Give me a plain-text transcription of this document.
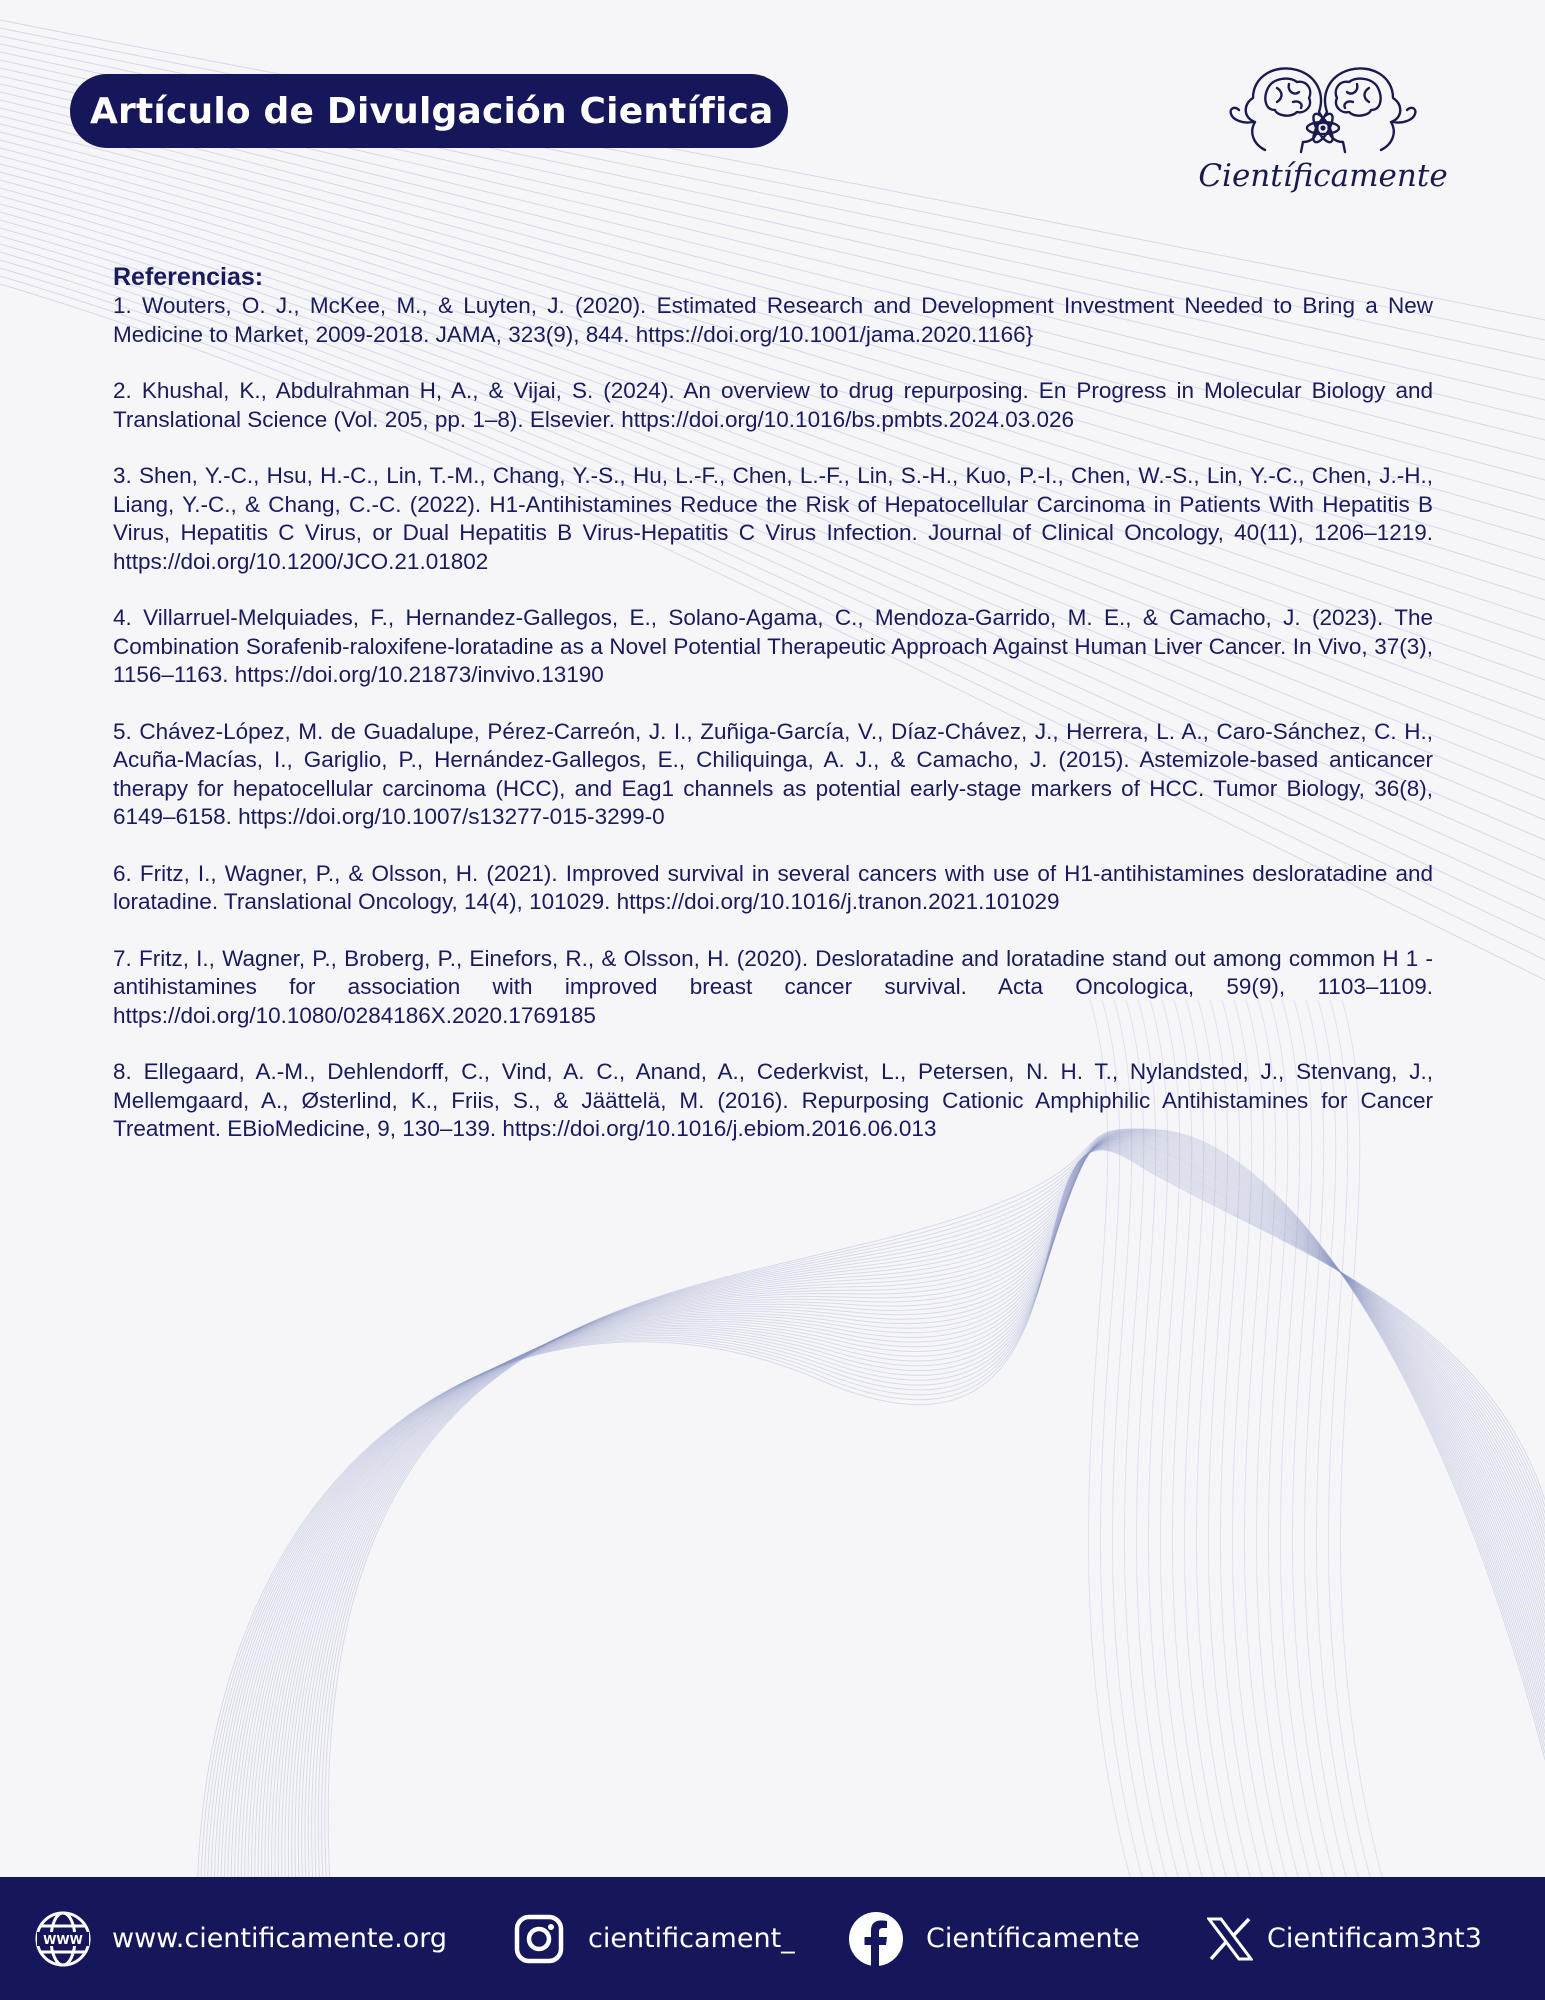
Artículo de Divulgación Científica
Científicamente
Referencias:

1. Wouters, O. J., McKee, M., & Luyten, J. (2020). Estimated Research and Development Investment Needed to Bring a New Medicine to Market, 2009-2018. JAMA, 323(9), 844. https://doi.org/10.1001/jama.2020.1166}

2. Khushal, K., Abdulrahman H, A., & Vijai, S. (2024). An overview to drug repurposing. En Progress in Molecular Biology and Translational Science (Vol. 205, pp. 1–8). Elsevier. https://doi.org/10.1016/bs.pmbts.2024.03.026

3. Shen, Y.-C., Hsu, H.-C., Lin, T.-M., Chang, Y.-S., Hu, L.-F., Chen, L.-F., Lin, S.-H., Kuo, P.-I., Chen, W.-S., Lin, Y.-C., Chen, J.-H., Liang, Y.-C., & Chang, C.-C. (2022). H1-Antihistamines Reduce the Risk of Hepatocellular Carcinoma in Patients With Hepatitis B Virus, Hepatitis C Virus, or Dual Hepatitis B Virus-Hepatitis C Virus Infection. Journal of Clinical Oncology, 40(11), 1206–1219. https://doi.org/10.1200/JCO.21.01802

4. Villarruel-Melquiades, F., Hernandez-Gallegos, E., Solano-Agama, C., Mendoza-Garrido, M. E., & Camacho, J. (2023). The Combination Sorafenib-raloxifene-loratadine as a Novel Potential Therapeutic Approach Against Human Liver Cancer. In Vivo, 37(3), 1156–1163. https://doi.org/10.21873/invivo.13190

5. Chávez-López, M. de Guadalupe, Pérez-Carreón, J. I., Zuñiga-García, V., Díaz-Chávez, J., Herrera, L. A., Caro-Sánchez, C. H., Acuña-Macías, I., Gariglio, P., Hernández-Gallegos, E., Chiliquinga, A. J., & Camacho, J. (2015). Astemizole-based anticancer therapy for hepatocellular carcinoma (HCC), and Eag1 channels as potential early-stage markers of HCC. Tumor Biology, 36(8), 6149–6158. https://doi.org/10.1007/s13277-015-3299-0

6. Fritz, I., Wagner, P., & Olsson, H. (2021). Improved survival in several cancers with use of H1-antihistamines desloratadine and loratadine. Translational Oncology, 14(4), 101029. https://doi.org/10.1016/j.tranon.2021.101029

7. Fritz, I., Wagner, P., Broberg, P., Einefors, R., & Olsson, H. (2020). Desloratadine and loratadine stand out among common H 1 -antihistamines for association with improved breast cancer survival. Acta Oncologica, 59(9), 1103–1109. https://doi.org/10.1080/0284186X.2020.1769185

8. Ellegaard, A.-M., Dehlendorff, C., Vind, A. C., Anand, A., Cederkvist, L., Petersen, N. H. T., Nylandsted, J., Stenvang, J., Mellemgaard, A., Østerlind, K., Friis, S., & Jäättelä, M. (2016). Repurposing Cationic Amphiphilic Antihistamines for Cancer Treatment. EBioMedicine, 9, 130–139. https://doi.org/10.1016/j.ebiom.2016.06.013

WWW www.cientificamente.org	cientificament_	Científicamente	Cientificam3nt3
